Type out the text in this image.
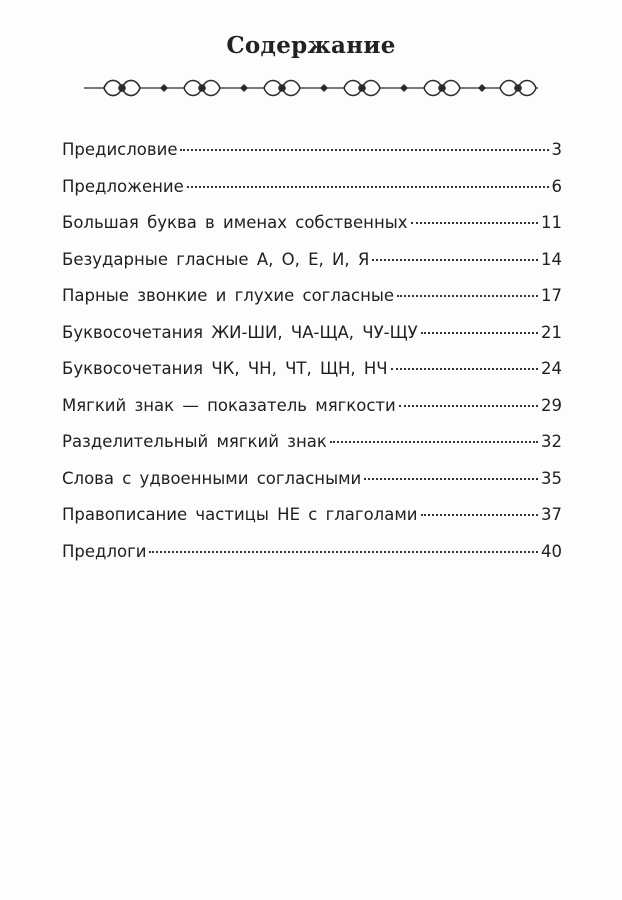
Содержание
Предисловие	3
Предложение	6
Большая буква в именах собственных	11
Безударные гласные А, О, Е, И, Я	14
Парные звонкие и глухие согласные	17
Буквосочетания ЖИ-ШИ, ЧА-ЩА, ЧУ-ЩУ	21
Буквосочетания ЧК, ЧН, ЧТ, ЩН, НЧ	24
Мягкий знак — показатель мягкости	29
Разделительный мягкий знак	32
Слова с удвоенными согласными	35
Правописание частицы НЕ с глаголами	37
Предлоги	40
